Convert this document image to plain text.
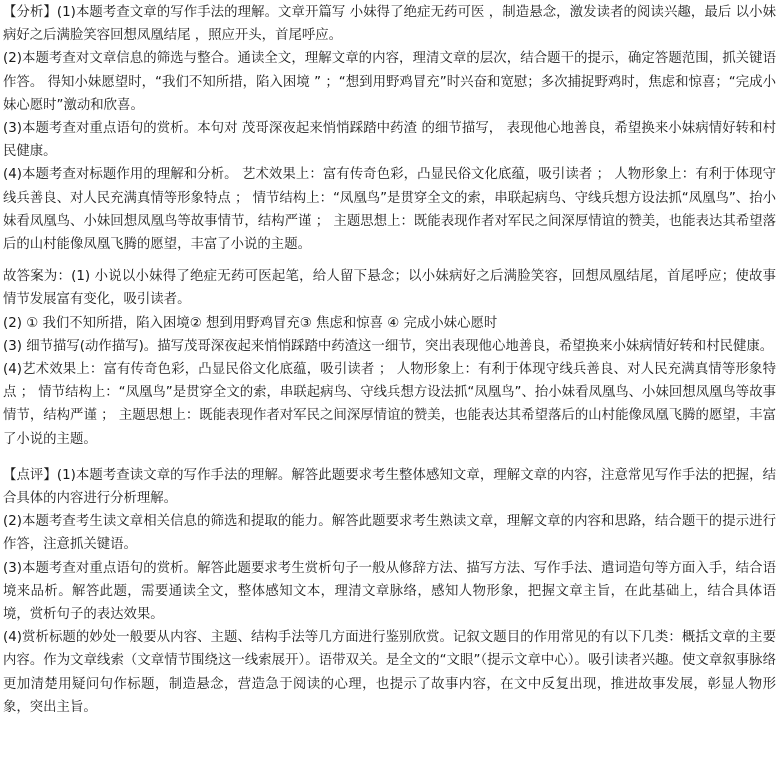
【分析】(1)本题考查文章的写作手法的理解。文章开篇写 小妹得了绝症无药可医 ，制造悬念，激发读者的阅读兴趣，最后 以小妹病好之后满脸笑容回想凤凰结尾 ，照应开头，首尾呼应。

(2)本题考查对文章信息的筛选与整合。通读全文，理解文章的内容，理清文章的层次，结合题干的提示，确定答题范围，抓关键语作答。 得知小妹愿望时，“我们不知所措，陷入困境 ” ；“想到用野鸡冒充”时兴奋和宽慰；多次捕捉野鸡时，焦虑和惊喜；“完成小妹心愿时”激动和欣喜。

(3)本题考查对重点语句的赏析。本句对 茂哥深夜起来悄悄踩踏中药渣 的细节描写， 表现他心地善良，希望换来小妹病情好转和村民健康。

(4)本题考查对标题作用的理解和分析。 艺术效果上：富有传奇色彩，凸显民俗文化底蕴，吸引读者 ； 人物形象上：有利于体现守线兵善良、对人民充满真情等形象特点 ； 情节结构上：“凤凰鸟”是贯穿全文的索，串联起病鸟、守线兵想方设法抓“凤凰鸟”、抬小妹看凤凰鸟、小妹回想凤凰鸟等故事情节，结构严谨 ； 主题思想上：既能表现作者对军民之间深厚情谊的赞美，也能表达其希望落后的山村能像凤凰飞腾的愿望，丰富了小说的主题。

故答案为：(1) 小说以小妹得了绝症无药可医起笔，给人留下悬念；以小妹病好之后满脸笑容，回想凤凰结尾，首尾呼应；使故事情节发展富有变化，吸引读者。

(2) ① 我们不知所措，陷入困境② 想到用野鸡冒充③ 焦虑和惊喜 ④ 完成小妹心愿时

(3) 细节描写(动作描写)。描写茂哥深夜起来悄悄踩踏中药渣这一细节，突出表现他心地善良，希望换来小妹病情好转和村民健康。

(4)艺术效果上：富有传奇色彩，凸显民俗文化底蕴，吸引读者 ； 人物形象上：有利于体现守线兵善良、对人民充满真情等形象特点 ； 情节结构上：“凤凰鸟”是贯穿全文的索，串联起病鸟、守线兵想方设法抓“凤凰鸟”、抬小妹看凤凰鸟、小妹回想凤凰鸟等故事情节，结构严谨 ； 主题思想上：既能表现作者对军民之间深厚情谊的赞美，也能表达其希望落后的山村能像凤凰飞腾的愿望，丰富了小说的主题。

【点评】(1)本题考查读文章的写作手法的理解。解答此题要求考生整体感知文章，理解文章的内容，注意常见写作手法的把握，结合具体的内容进行分析理解。

(2)本题考查考生读文章相关信息的筛选和提取的能力。解答此题要求考生熟读文章，理解文章的内容和思路，结合题干的提示进行作答，注意抓关键语。

(3)本题考查对重点语句的赏析。解答此题要求考生赏析句子一般从修辞方法、描写方法、写作手法、遣词造句等方面入手，结合语境来品析。解答此题，需要通读全文，整体感知文本，理清文章脉络，感知人物形象，把握文章主旨，在此基础上，结合具体语境，赏析句子的表达效果。

(4)赏析标题的妙处一般要从内容、主题、结构手法等几方面进行鉴别欣赏。记叙文题目的作用常见的有以下几类：概括文章的主要内容。作为文章线索（文章情节围绕这一线索展开）。语带双关。是全文的“文眼”（提示文章中心）。吸引读者兴趣。使文章叙事脉络更加清楚用疑问句作标题，制造悬念，营造急于阅读的心理，也提示了故事内容，在文中反复出现，推进故事发展，彰显人物形象，突出主旨。
